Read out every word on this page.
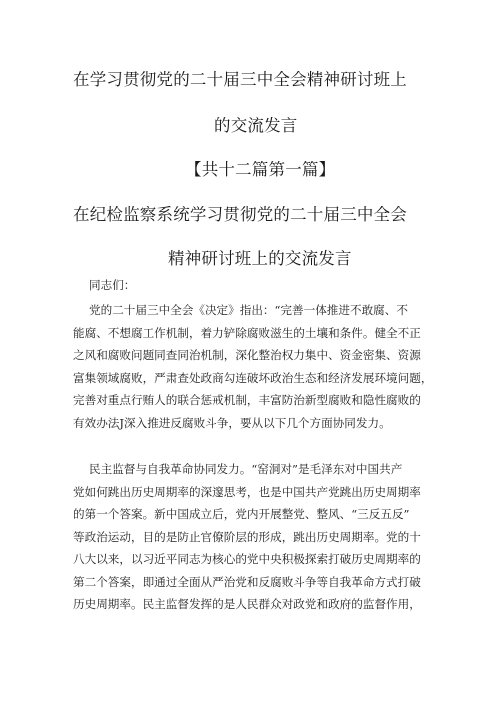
在学习贯彻党的二十届三中全会精神研讨班上
的交流发言
【共十二篇第一篇】
在纪检监察系统学习贯彻党的二十届三中全会
精神研讨班上的交流发言
同志们：
党的二十届三中全会《决定》指出：“完善一体推进不敢腐、不
能腐、不想腐工作机制，着力铲除腐败滋生的土壤和条件。健全不正
之风和腐败问题同查同治机制，深化整治权力集中、资金密集、资源
富集领域腐败，严肃查处政商勾连破坏政治生态和经济发展环境问题，
完善对重点行贿人的联合惩戒机制，丰富防治新型腐败和隐性腐败的
有效办法J深入推进反腐败斗争，要从以下几个方面协同发力。
民主监督与自我革命协同发力。“窑洞对”是毛泽东对中国共产
党如何跳出历史周期率的深邃思考，也是中国共产党跳出历史周期率
的第一个答案。新中国成立后，党内开展整党、整风、“三反五反”
等政治运动，目的是防止官僚阶层的形成，跳出历史周期率。党的十
八大以来，以习近平同志为核心的党中央积极探索打破历史周期率的
第二个答案，即通过全面从严治党和反腐败斗争等自我革命方式打破
历史周期率。民主监督发挥的是人民群众对政党和政府的监督作用，
